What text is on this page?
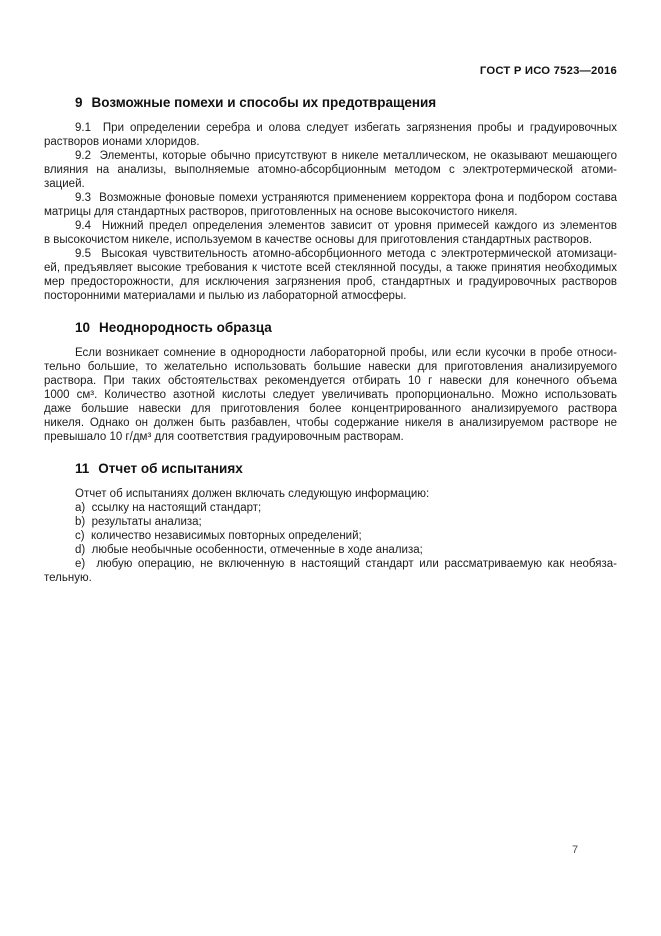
ГОСТ Р ИСО 7523—2016
9 Возможные помехи и способы их предотвращения
9.1  При определении серебра и олова следует избегать загрязнения пробы и градуировочных
растворов ионами хлоридов.
9.2  Элементы, которые обычно присутствуют в никеле металлическом, не оказывают мешающего
влияния на анализы, выполняемые атомно-абсорбционным методом с электротермической атоми-
зацией.
9.3  Возможные фоновые помехи устраняются применением корректора фона и подбором состава
матрицы для стандартных растворов, приготовленных на основе высокочистого никеля.
9.4  Нижний предел определения элементов зависит от уровня примесей каждого из элементов
в высокочистом никеле, используемом в качестве основы для приготовления стандартных растворов.
9.5  Высокая чувствительность атомно-абсорбционного метода с электротермической атомизаци-
ей, предъявляет высокие требования к чистоте всей стеклянной посуды, а также принятия необходимых
мер предосторожности, для исключения загрязнения проб, стандартных и градуировочных растворов
посторонними материалами и пылью из лабораторной атмосферы.
10 Неоднородность образца
Если возникает сомнение в однородности лабораторной пробы, или если кусочки в пробе относи-
тельно большие, то желательно использовать большие навески для приготовления анализируемого
раствора. При таких обстоятельствах рекомендуется отбирать 10 г навески для конечного объема
1000 см³. Количество азотной кислоты следует увеличивать пропорционально. Можно использовать
даже большие навески для приготовления более концентрированного анализируемого раствора
никеля. Однако он должен быть разбавлен, чтобы содержание никеля в анализируемом растворе не
превышало 10 г/дм³ для соответствия градуировочным растворам.
11 Отчет об испытаниях
Отчет об испытаниях должен включать следующую информацию:
a)  ссылку на настоящий стандарт;
b)  результаты анализа;
c)  количество независимых повторных определений;
d)  любые необычные особенности, отмеченные в ходе анализа;
e)  любую операцию, не включенную в настоящий стандарт или рассматриваемую как необяза-
тельную.
7
